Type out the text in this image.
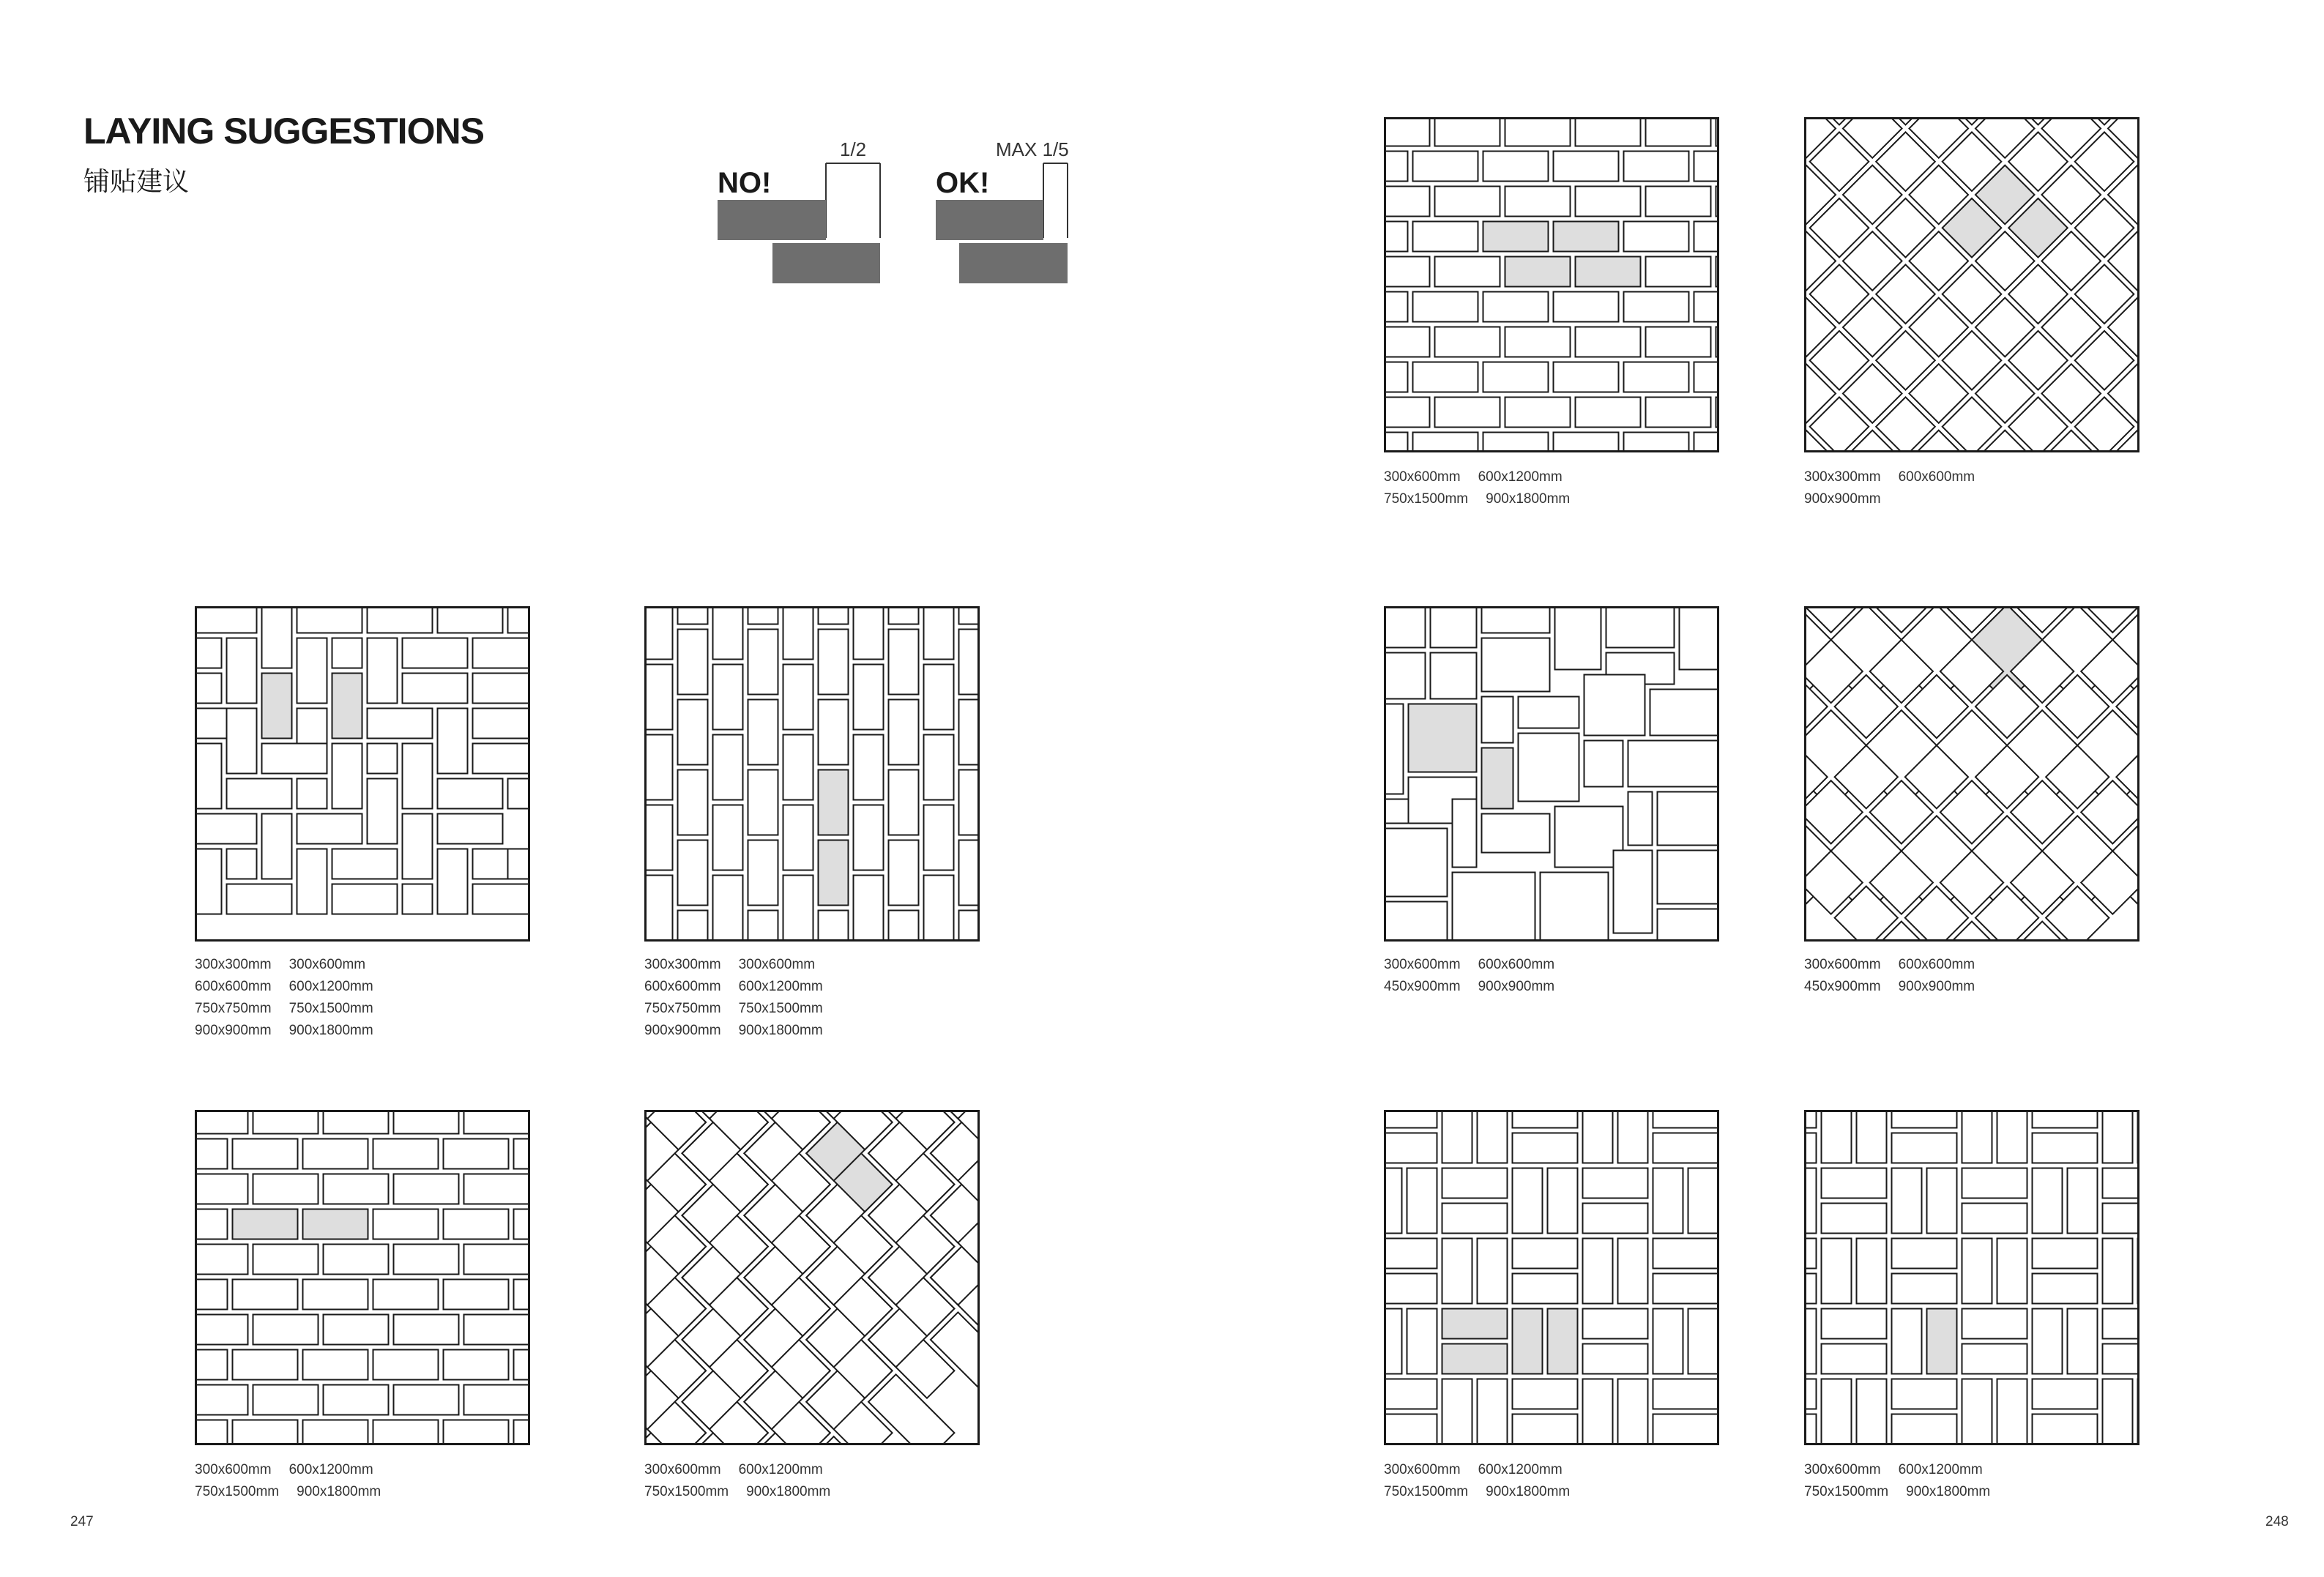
LAYING SUGGESTIONS
铺贴建议	NO!
1/2
OK!
MAX 1/5
300x600mm 600x1200mm
750x1500mm 900x1800mm
300x300mm 600x600mm
900x900mm
300x300mm 300x600mm
600x600mm 600x1200mm
750x750mm 750x1500mm
900x900mm 900x1800mm
300x300mm 300x600mm
600x600mm 600x1200mm
750x750mm 750x1500mm
900x900mm 900x1800mm
300x600mm 600x600mm
450x900mm 900x900mm
300x600mm 600x600mm
450x900mm 900x900mm
300x600mm 600x1200mm
750x1500mm 900x1800mm
300x600mm 600x1200mm
750x1500mm 900x1800mm
300x600mm 600x1200mm
750x1500mm 900x1800mm
300x600mm 600x1200mm
750x1500mm 900x1800mm
247	248
